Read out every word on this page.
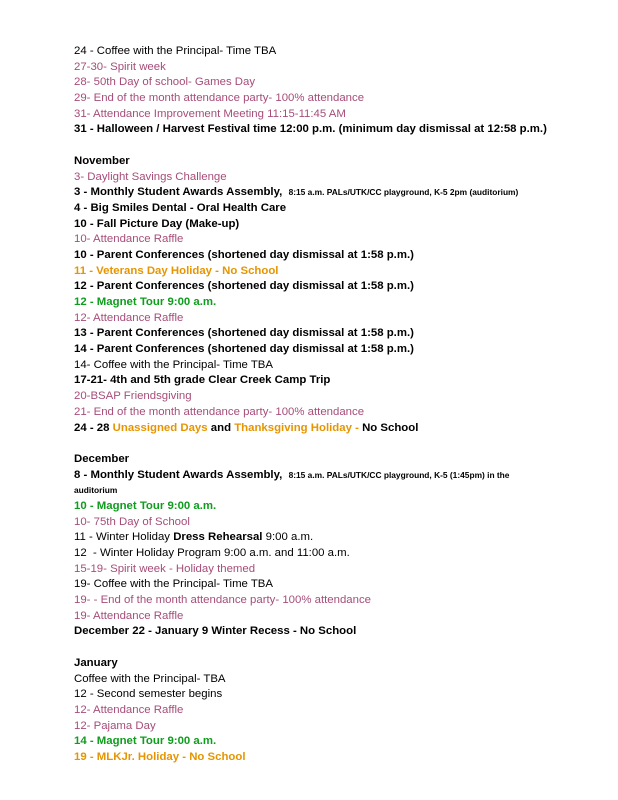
24 - Coffee with the Principal- Time TBA
27-30- Spirit week
28- 50th Day of school- Games Day
29- End of the month attendance party- 100% attendance
31- Attendance Improvement Meeting 11:15-11:45 AM
31 - Halloween / Harvest Festival time 12:00 p.m. (minimum day dismissal at 12:58 p.m.)
November
3- Daylight Savings Challenge
3 - Monthly Student Awards Assembly, 8:15 a.m. PALs/UTK/CC playground, K-5 2pm (auditorium)
4 - Big Smiles Dental - Oral Health Care
10 - Fall Picture Day (Make-up)
10- Attendance Raffle
10 - Parent Conferences (shortened day dismissal at 1:58 p.m.)
11 - Veterans Day Holiday - No School
12 - Parent Conferences (shortened day dismissal at 1:58 p.m.)
12 - Magnet Tour 9:00 a.m.
12- Attendance Raffle
13 - Parent Conferences (shortened day dismissal at 1:58 p.m.)
14 - Parent Conferences (shortened day dismissal at 1:58 p.m.)
14- Coffee with the Principal- Time TBA
17-21- 4th and 5th grade Clear Creek Camp Trip
20-BSAP Friendsgiving
21- End of the month attendance party- 100% attendance
24 - 28 Unassigned Days and Thanksgiving Holiday - No School
December
8 - Monthly Student Awards Assembly, 8:15 a.m. PALs/UTK/CC playground, K-5 (1:45pm) in the auditorium
10 - Magnet Tour 9:00 a.m.
10- 75th Day of School
11 - Winter Holiday Dress Rehearsal 9:00 a.m.
12  - Winter Holiday Program 9:00 a.m. and 11:00 a.m.
15-19- Spirit week - Holiday themed
19- Coffee with the Principal- Time TBA
19- - End of the month attendance party- 100% attendance
19- Attendance Raffle
December 22 - January 9 Winter Recess - No School
January
Coffee with the Principal- TBA
12 - Second semester begins
12- Attendance Raffle
12- Pajama Day
14 - Magnet Tour 9:00 a.m.
19 - MLKJr. Holiday - No School
